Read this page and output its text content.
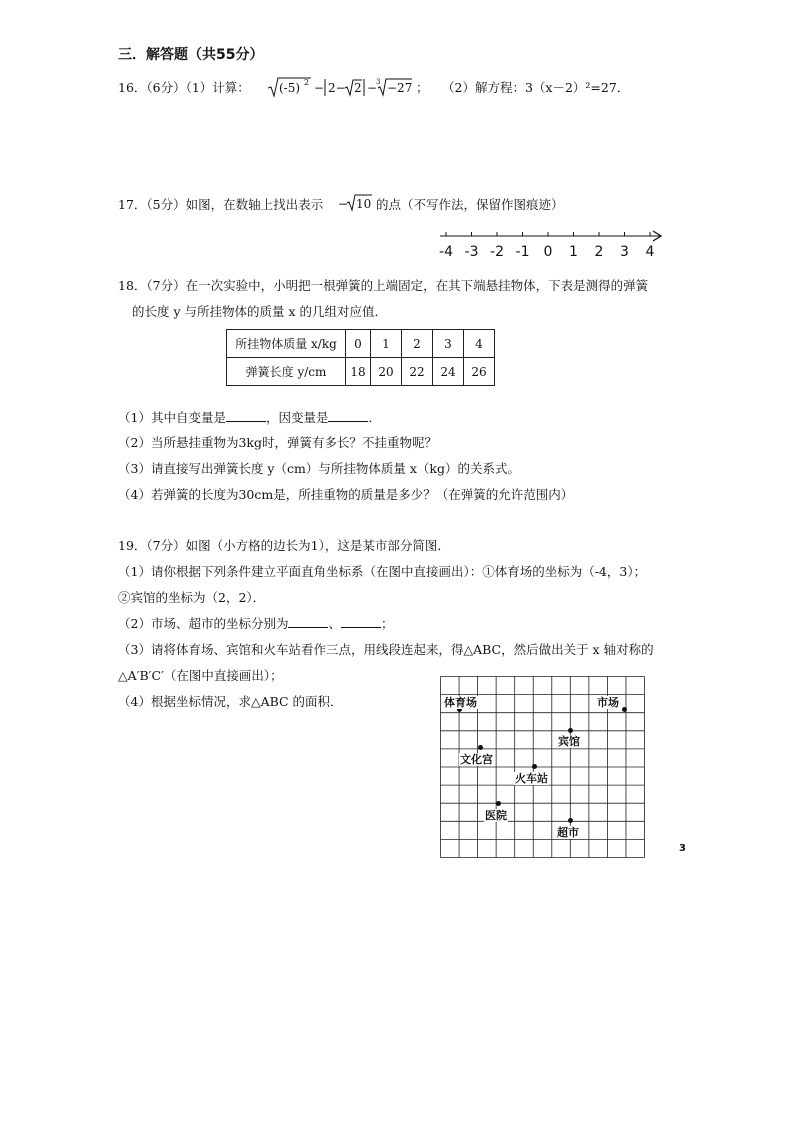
三．解答题（共55分）
16．（6分）（1）计算： (-5) 2 − 2− 2 −
3 −27 ； （2）解方程：3（x－2）²=27．
17．（5分）如图，在数轴上找出表示 − 10 的点（不写作法，保留作图痕迹）
-4 -3 -2 -1 0 1 2 3 4
18．（7分）在一次实验中，小明把一根弹簧的上端固定，在其下端悬挂物体，下表是测得的弹簧
的长度 y 与所挂物体的质量 x 的几组对应值．
所挂物体质量 x/kg	0	1	2	3	4
弹簧长度 y/cm	18	20	22	24	26
（1）其中自变量是	，因变量是	．
（2）当所悬挂重物为3kg时，弹簧有多长？不挂重物呢？
（3）请直接写出弹簧长度 y（cm）与所挂物体质量 x（kg）的关系式。
（4）若弹簧的长度为30cm是，所挂重物的质量是多少？（在弹簧的允许范围内）
19．（7分）如图（小方格的边长为1），这是某市部分简图．
（1）请你根据下列条件建立平面直角坐标系（在图中直接画出）：①体育场的坐标为（-4，3）；
②宾馆的坐标为（2，2）．
（2）市场、超市的坐标分别为	、	；
（3）请将体育场、宾馆和火车站看作三点，用线段连起来，得△ABC，然后做出关于 x 轴对称的
△A′B′C′（在图中直接画出）；
（4）根据坐标情况，求△ABC 的面积．	体育场	市场
宾馆
文化宫
火车站
医院
超市
3
